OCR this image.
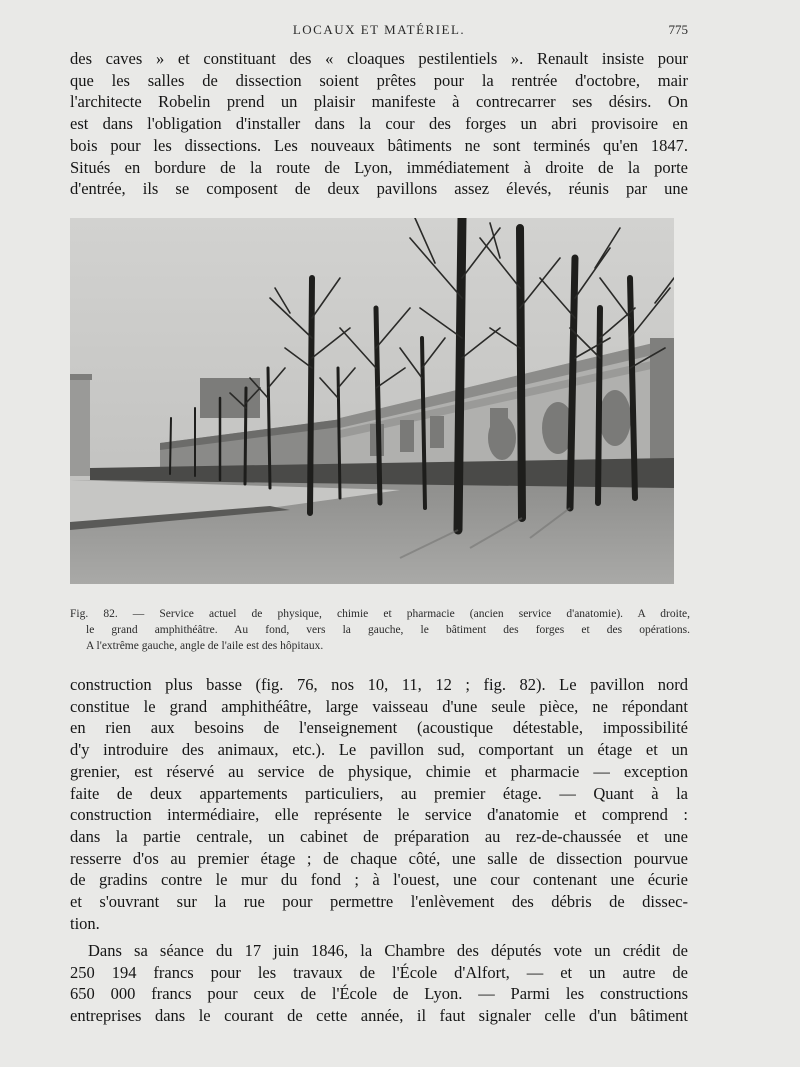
LOCAUX ET MATÉRIEL.	775
des caves » et constituant des « cloaques pestilentiels ». Renault insiste pour
que les salles de dissection soient prêtes pour la rentrée d'octobre, mair
l'architecte Robelin prend un plaisir manifeste à contrecarrer ses désirs. On
est dans l'obligation d'installer dans la cour des forges un abri provisoire en
bois pour les dissections. Les nouveaux bâtiments ne sont terminés qu'en 1847.
Situés en bordure de la route de Lyon, immédiatement à droite de la porte
d'entrée, ils se composent de deux pavillons assez élevés, réunis par une
Fig. 82. — Service actuel de physique, chimie et pharmacie (ancien service d'anatomie). A droite,
le grand amphithéâtre. Au fond, vers la gauche, le bâtiment des forges et des opérations.
A l'extrême gauche, angle de l'aile est des hôpitaux.
construction plus basse (fig. 76, nos 10, 11, 12 ; fig. 82). Le pavillon nord
constitue le grand amphithéâtre, large vaisseau d'une seule pièce, ne répondant
en rien aux besoins de l'enseignement (acoustique détestable, impossibilité
d'y introduire des animaux, etc.). Le pavillon sud, comportant un étage et un
grenier, est réservé au service de physique, chimie et pharmacie — exception
faite de deux appartements particuliers, au premier étage. — Quant à la
construction intermédiaire, elle représente le service d'anatomie et comprend :
dans la partie centrale, un cabinet de préparation au rez-de-chaussée et une
resserre d'os au premier étage ; de chaque côté, une salle de dissection pourvue
de gradins contre le mur du fond ; à l'ouest, une cour contenant une écurie
et s'ouvrant sur la rue pour permettre l'enlèvement des débris de dissec-
tion.
Dans sa séance du 17 juin 1846, la Chambre des députés vote un crédit de
250 194 francs pour les travaux de l'École d'Alfort, — et un autre de
650 000 francs pour ceux de l'École de Lyon. — Parmi les constructions
entreprises dans le courant de cette année, il faut signaler celle d'un bâtiment
